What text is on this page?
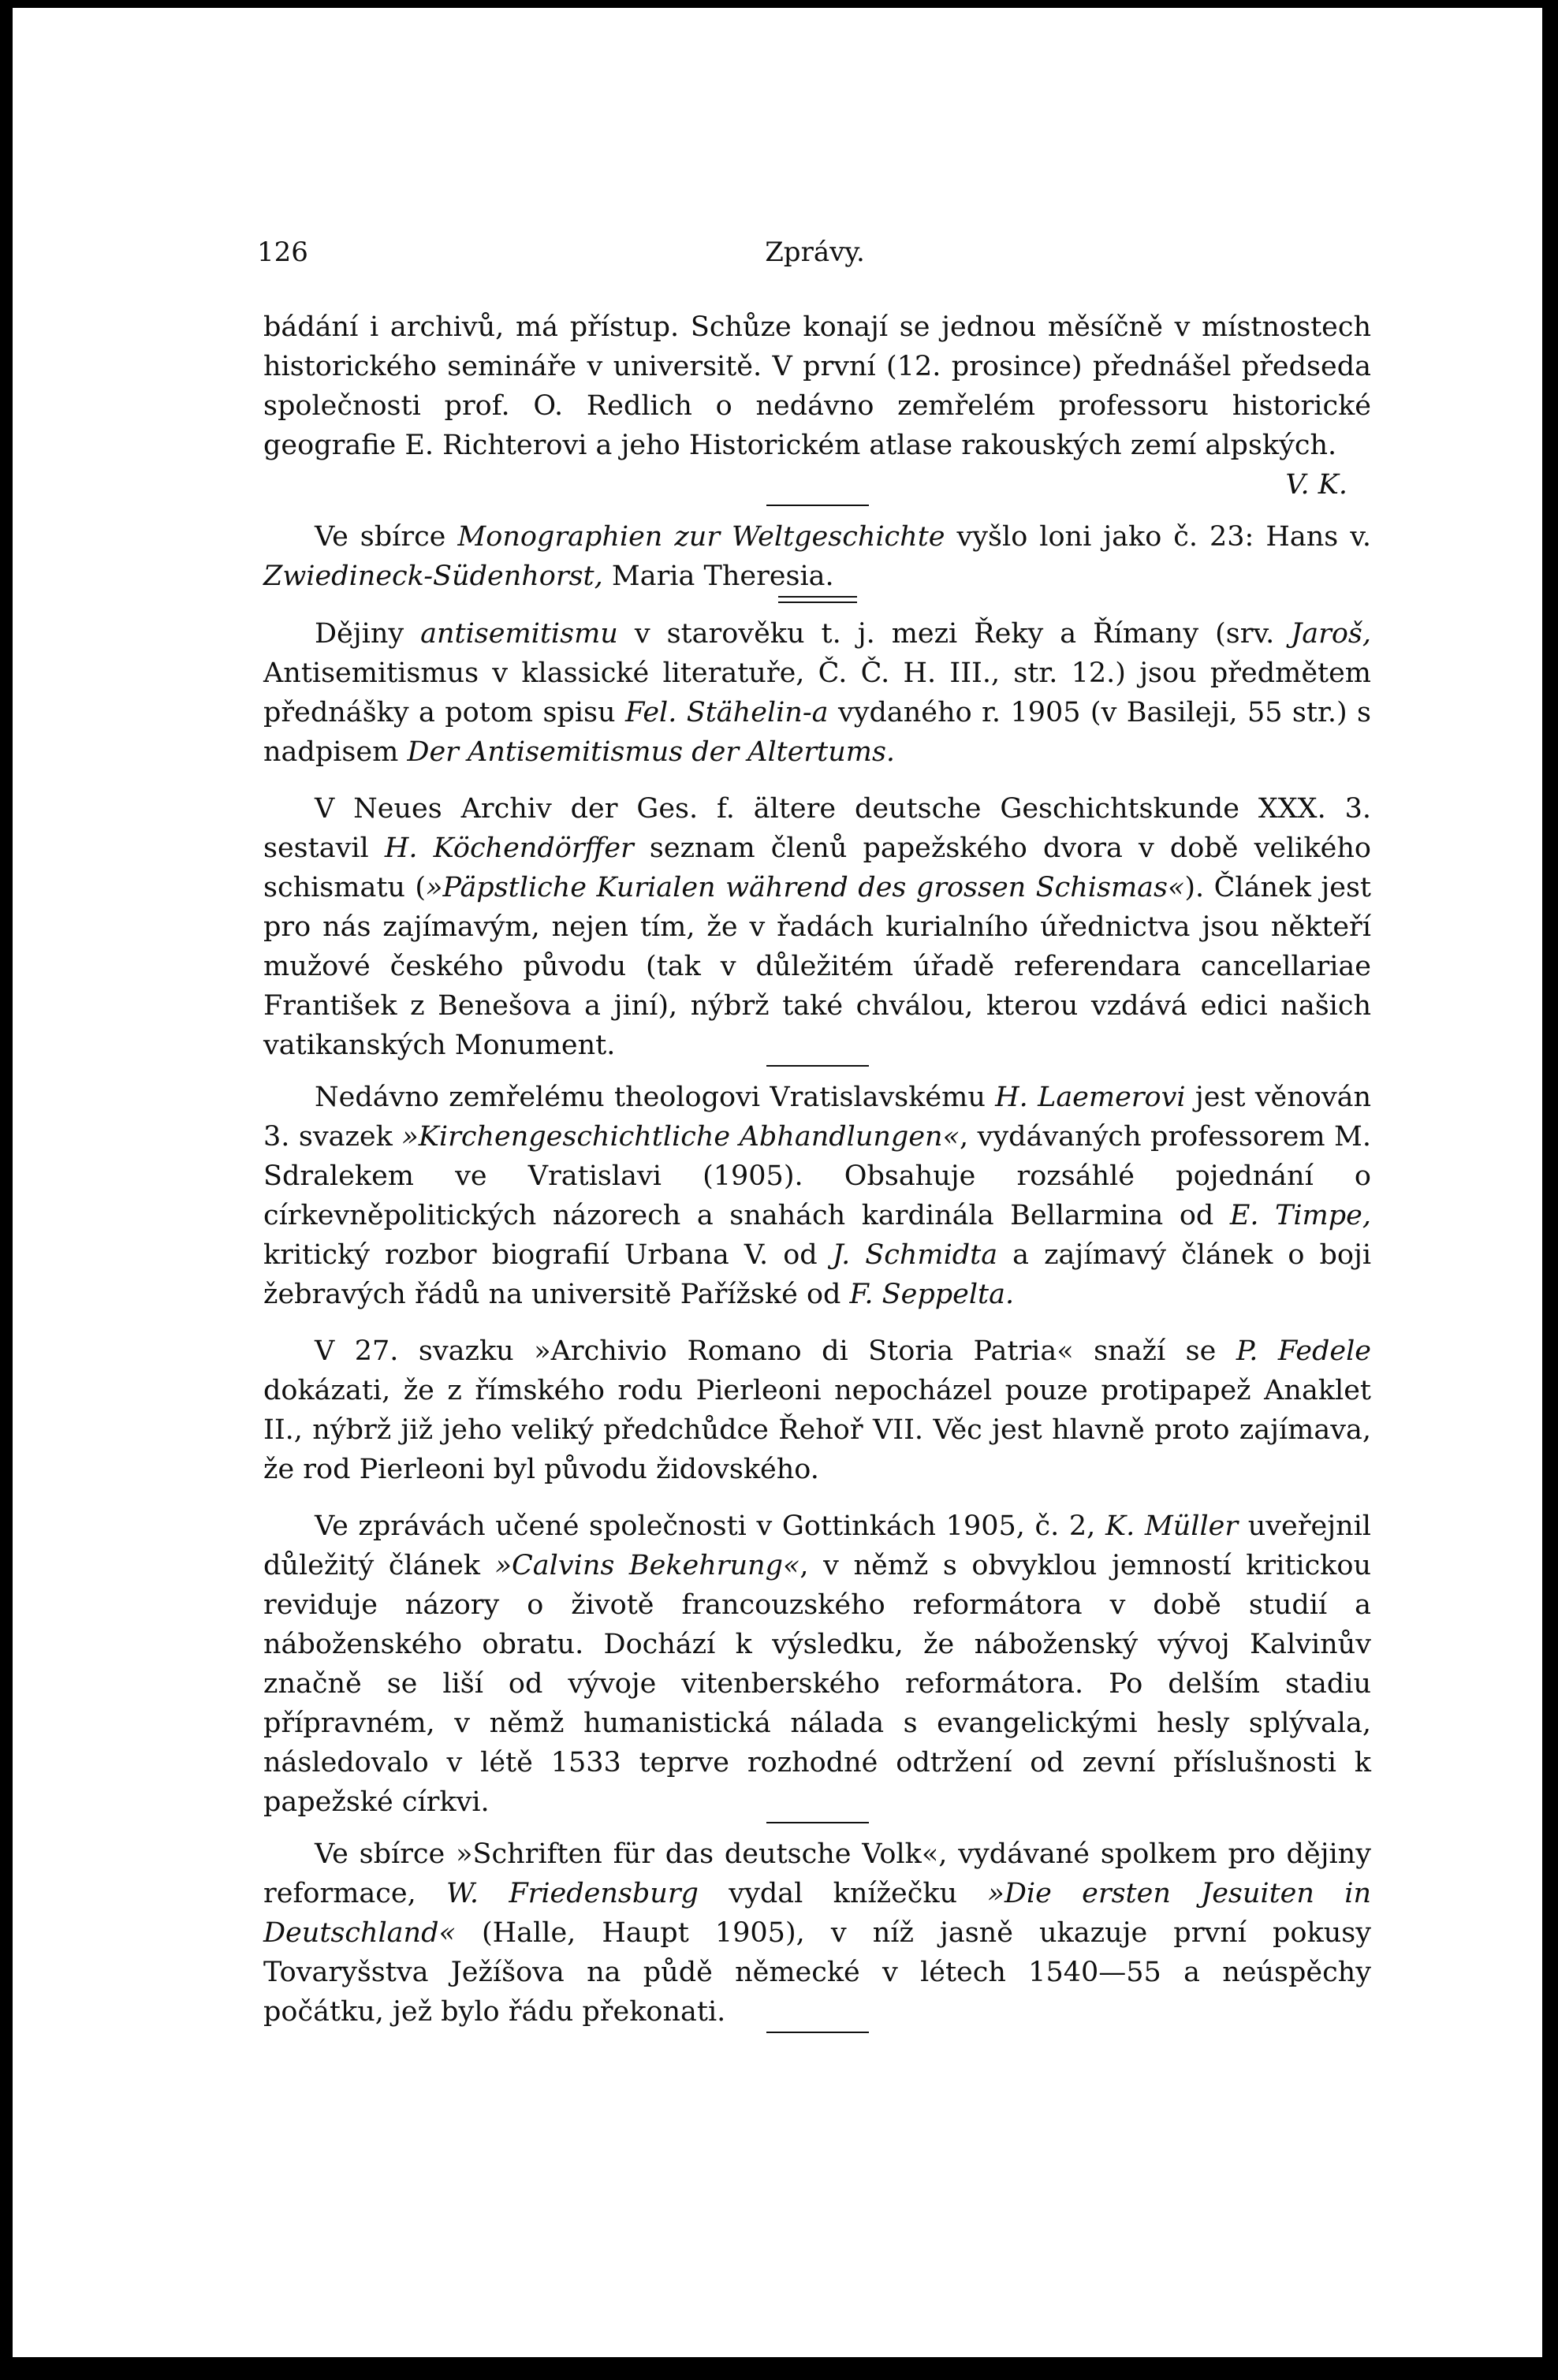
126	Zprávy.

bádání i archivů, má přístup. Schůze konají se jednou měsíčně v místnostech historického semináře v universitě. V první (12. prosince) přednášel předseda společnosti prof. O. Redlich o nedávno zemřelém professoru historické geografie E. Richterovi a jeho Historickém atlase rakouských zemí alpských.

V. K.

Ve sbírce Monographien zur Weltgeschichte vyšlo loni jako č. 23: Hans v. Zwiedineck-Südenhorst, Maria Theresia.

Dějiny antisemitismu v starověku t. j. mezi Řeky a Římany (srv. Jaroš, Antisemitismus v klassické literatuře, Č. Č. H. III., str. 12.) jsou předmětem přednášky a potom spisu Fel. Stähelin-a vydaného r. 1905 (v Basileji, 55 str.) s nadpisem Der Antisemitismus der Altertums.

V Neues Archiv der Ges. f. ältere deutsche Geschichtskunde XXX. 3. sestavil H. Köchendörffer seznam členů papežského dvora v době velikého schismatu (»Päpstliche Kurialen während des grossen Schismas«). Článek jest pro nás zajímavým, nejen tím, že v řadách kurialního úřednictva jsou někteří mužové českého původu (tak v důležitém úřadě referendara cancellariae František z Benešova a jiní), nýbrž také chválou, kterou vzdává edici našich vatikanských Monument.

Nedávno zemřelému theologovi Vratislavskému H. Laemerovi jest věnován 3. svazek »Kirchengeschichtliche Abhandlungen«, vydávaných professorem M. Sdralekem ve Vratislavi (1905). Obsahuje rozsáhlé pojednání o církevněpolitických názorech a snahách kardinála Bellarmina od E. Timpe, kritický rozbor biografií Urbana V. od J. Schmidta a zajímavý článek o boji žebravých řádů na universitě Pařížské od F. Seppelta.

V 27. svazku »Archivio Romano di Storia Patria« snaží se P. Fedele dokázati, že z římského rodu Pierleoni nepocházel pouze protipapež Anaklet II., nýbrž již jeho veliký předchůdce Řehoř VII. Věc jest hlavně proto zajímava, že rod Pierleoni byl původu židovského.

Ve zprávách učené společnosti v Gottinkách 1905, č. 2, K. Müller uveřejnil důležitý článek »Calvins Bekehrung«, v němž s obvyklou jemností kritickou reviduje názory o životě francouzského reformátora v době studií a náboženského obratu. Dochází k výsledku, že náboženský vývoj Kalvinův značně se liší od vývoje vitenberského reformátora. Po delším stadiu přípravném, v němž humanistická nálada s evangelickými hesly splývala, následovalo v létě 1533 teprve rozhodné odtržení od zevní příslušnosti k papežské církvi.

Ve sbírce »Schriften für das deutsche Volk«, vydávané spolkem pro dějiny reformace, W. Friedensburg vydal knížečku »Die ersten Jesuiten in Deutschland« (Halle, Haupt 1905), v níž jasně ukazuje první pokusy Tovaryšstva Ježíšova na půdě německé v létech 1540—55 a neúspěchy počátku, jež bylo řádu překonati.
